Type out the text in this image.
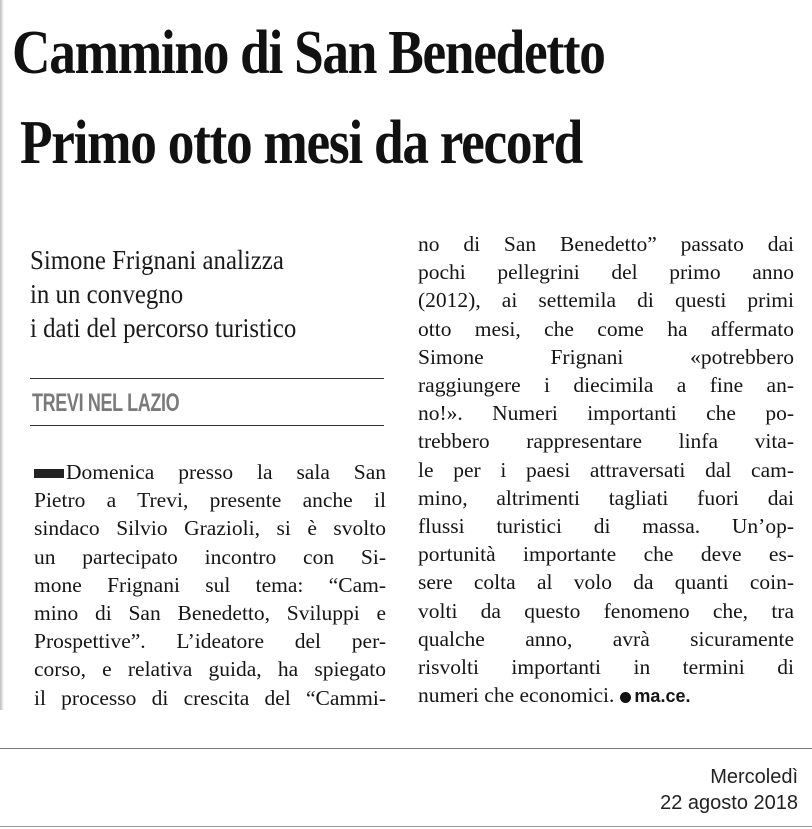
Cammino di San Benedetto
Primo otto mesi da record
Simone Frignani analizza
in un convegno
i dati del percorso turistico
TREVI NEL LAZIO
Domenica presso la sala San
Pietro a Trevi, presente anche il
sindaco Silvio Grazioli, si è svolto
un partecipato incontro con Si-
mone Frignani sul tema: “Cam-
mino di San Benedetto, Sviluppi e
Prospettive”. L’ideatore del per-
corso, e relativa guida, ha spiegato
il processo di crescita del “Cammi-
no di San Benedetto” passato dai
pochi pellegrini del primo anno
(2012), ai settemila di questi primi
otto mesi, che come ha affermato
Simone Frignani «potrebbero
raggiungere i diecimila a fine an-
no!». Numeri importanti che po-
trebbero rappresentare linfa vita-
le per i paesi attraversati dal cam-
mino, altrimenti tagliati fuori dai
flussi turistici di massa. Un’op-
portunità importante che deve es-
sere colta al volo da quanti coin-
volti da questo fenomeno che, tra
qualche anno, avrà sicuramente
risvolti importanti in termini di
numeri che economici. ma.ce.
Mercoledì
22 agosto 2018
